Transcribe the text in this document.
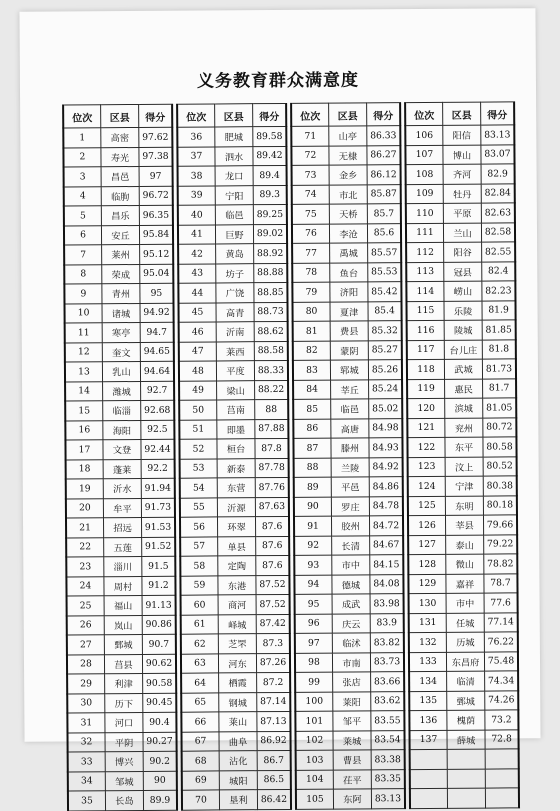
义务教育群众满意度
位次	区县	得分
1	高密	97.62
2	寿光	97.38
3	昌邑	97
4	临朐	96.72
5	昌乐	96.35
6	安丘	95.84
7	莱州	95.12
8	荣成	95.04
9	青州	95
10	诸城	94.92
11	寒亭	94.7
12	奎文	94.65
13	乳山	94.64
14	潍城	92.7
15	临淄	92.68
16	海阳	92.5
17	文登	92.44
18	蓬莱	92.2
19	沂水	91.94
20	牟平	91.73
21	招远	91.53
22	五莲	91.52
23	淄川	91.5
24	周村	91.2
25	福山	91.13
26	岚山	90.86
27	鄄城	90.7
28	莒县	90.62
29	利津	90.58
30	历下	90.45
31	河口	90.4
32	平阴	90.27
33	博兴	90.2
34	邹城	90
35	长岛	89.9
位次	区县	得分
36	肥城	89.58
37	泗水	89.42
38	龙口	89.4
39	宁阳	89.3
40	临邑	89.25
41	巨野	89.02
42	黄岛	88.92
43	坊子	88.88
44	广饶	88.85
45	高青	88.73
46	沂南	88.62
47	莱西	88.58
48	平度	88.33
49	梁山	88.22
50	莒南	88
51	即墨	87.88
52	桓台	87.8
53	新泰	87.78
54	东营	87.76
55	沂源	87.63
56	环翠	87.6
57	单县	87.6
58	定陶	87.6
59	东港	87.52
60	商河	87.52
61	峄城	87.42
62	芝罘	87.3
63	河东	87.26
64	栖霞	87.2
65	钢城	87.14
66	莱山	87.13
67	曲阜	86.92
68	沾化	86.7
69	城阳	86.5
70	垦利	86.42
位次	区县	得分
71	山亭	86.33
72	无棣	86.27
73	金乡	86.12
74	市北	85.87
75	天桥	85.7
76	李沧	85.6
77	禹城	85.57
78	鱼台	85.53
79	济阳	85.42
80	夏津	85.4
81	费县	85.32
82	蒙阴	85.27
83	郓城	85.26
84	莘丘	85.24
85	临邑	85.02
86	高唐	84.98
87	滕州	84.93
88	兰陵	84.92
89	平邑	84.86
90	罗庄	84.78
91	胶州	84.72
92	长清	84.67
93	市中	84.15
94	德城	84.08
95	成武	83.98
96	庆云	83.9
97	临沭	83.82
98	市南	83.73
99	张店	83.66
100	莱阳	83.62
101	邹平	83.55
102	莱城	83.54
103	曹县	83.38
104	茌平	83.35
105	东阿	83.13
位次	区县	得分
106	阳信	83.13
107	博山	83.07
108	齐河	82.9
109	牡丹	82.84
110	平原	82.63
111	兰山	82.58
112	阳谷	82.55
113	冠县	82.4
114	崂山	82.23
115	乐陵	81.9
116	陵城	81.85
117	台儿庄	81.8
118	武城	81.73
119	惠民	81.7
120	滨城	81.05
121	兖州	80.72
122	东平	80.58
123	汶上	80.52
124	宁津	80.38
125	东明	80.18
126	莘县	79.66
127	泰山	79.22
128	微山	78.82
129	嘉祥	78.7
130	市中	77.6
131	任城	77.14
132	历城	76.22
133	东昌府	75.48
134	临清	74.34
135	鄄城	74.26
136	槐荫	73.2
137	薛城	72.8
